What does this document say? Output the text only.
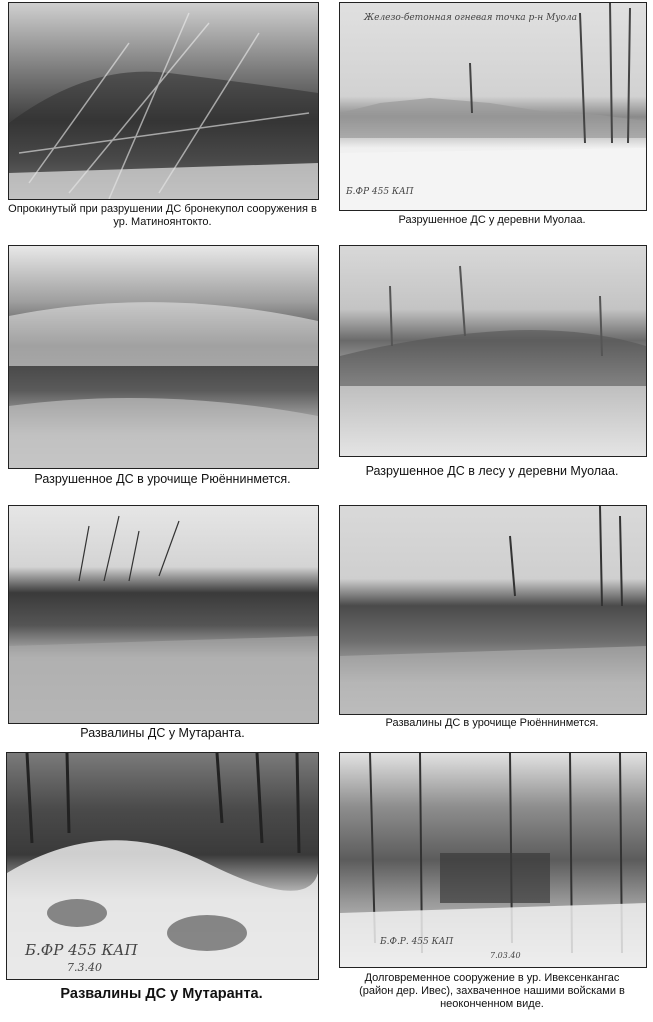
Опрокинутый при разрушении ДС бронекупол сооружения в ур. Матиноянтокто.
Железо-бетонная огневая точка р-н Муола
Б.ФР 455 КАП
Разрушенное ДС у деревни Муолаа.
Разрушенное ДС в урочище Рюённинмется.
Разрушенное ДС в лесу у деревни Муолаа.
Развалины ДС у Мутаранта.
Развалины ДС в урочище Рюённинмется.
Б.ФР 455 КАП
7.3.40
Развалины ДС у Мутаранта.
Б.Ф.Р. 455 КАП
7.03.40
Долговременное сооружение в ур. Ивексенкангас (район дер. Ивес), захваченное нашими войсками в неоконченном виде.
